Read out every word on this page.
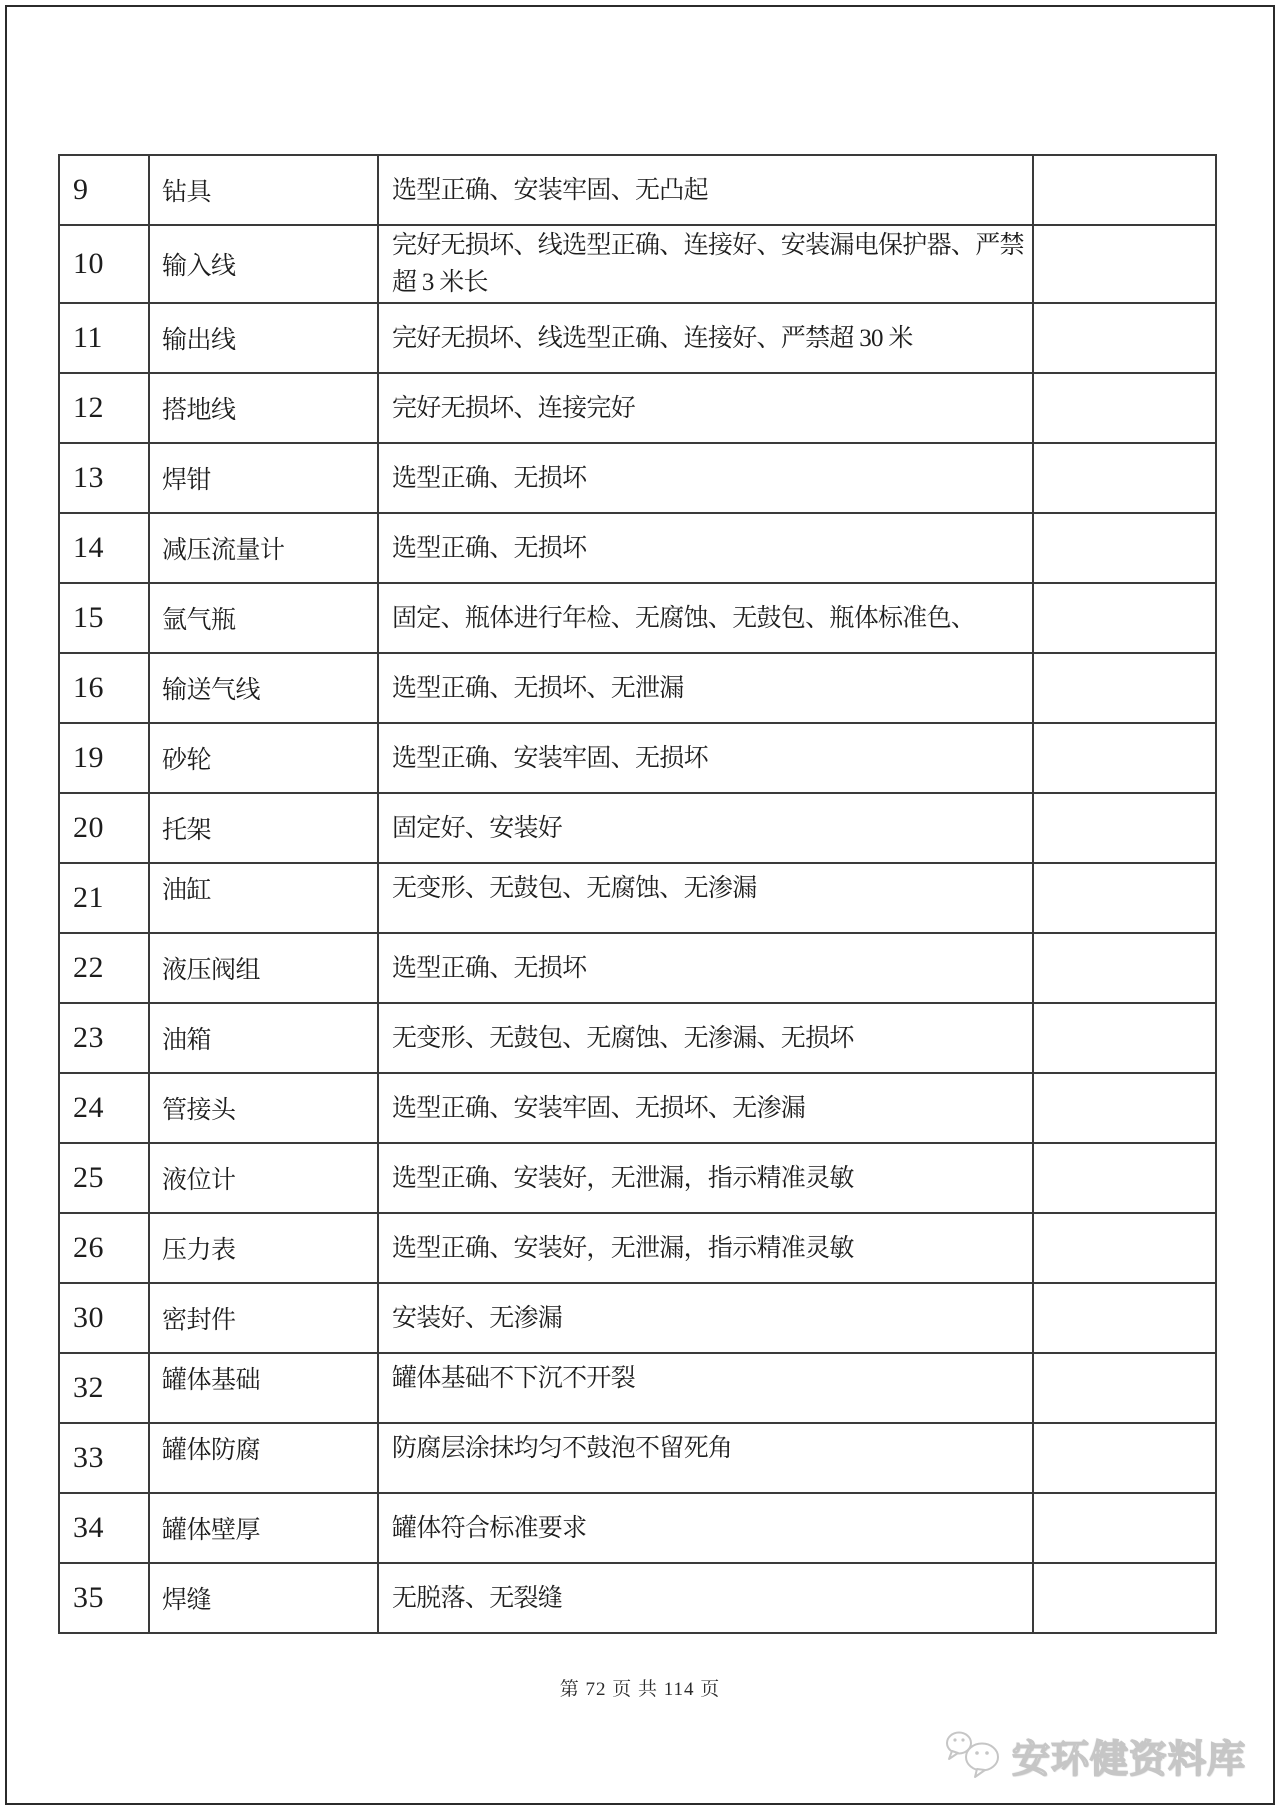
9	钻具	选型正确、安装牢固、无凸起	
10	输入线	完好无损坏、线选型正确、连接好、安装漏电保护器、严禁超 3 米长	
11	输出线	完好无损坏、线选型正确、连接好、严禁超 30 米	
12	搭地线	完好无损坏、连接完好	
13	焊钳	选型正确、无损坏	
14	减压流量计	选型正确、无损坏	
15	氩气瓶	固定、瓶体进行年检、无腐蚀、无鼓包、瓶体标准色、	
16	输送气线	选型正确、无损坏、无泄漏	
19	砂轮	选型正确、安装牢固、无损坏	
20	托架	固定好、安装好	
21	油缸	无变形、无鼓包、无腐蚀、无渗漏	
22	液压阀组	选型正确、无损坏	
23	油箱	无变形、无鼓包、无腐蚀、无渗漏、无损坏	
24	管接头	选型正确、安装牢固、无损坏、无渗漏	
25	液位计	选型正确、安装好，无泄漏，指示精准灵敏	
26	压力表	选型正确、安装好，无泄漏，指示精准灵敏	
30	密封件	安装好、无渗漏	
32	罐体基础	罐体基础不下沉不开裂	
33	罐体防腐	防腐层涂抹均匀不鼓泡不留死角	
34	罐体壁厚	罐体符合标准要求	
35	焊缝	无脱落、无裂缝	
第 72 页 共 114 页
安环健资料库
